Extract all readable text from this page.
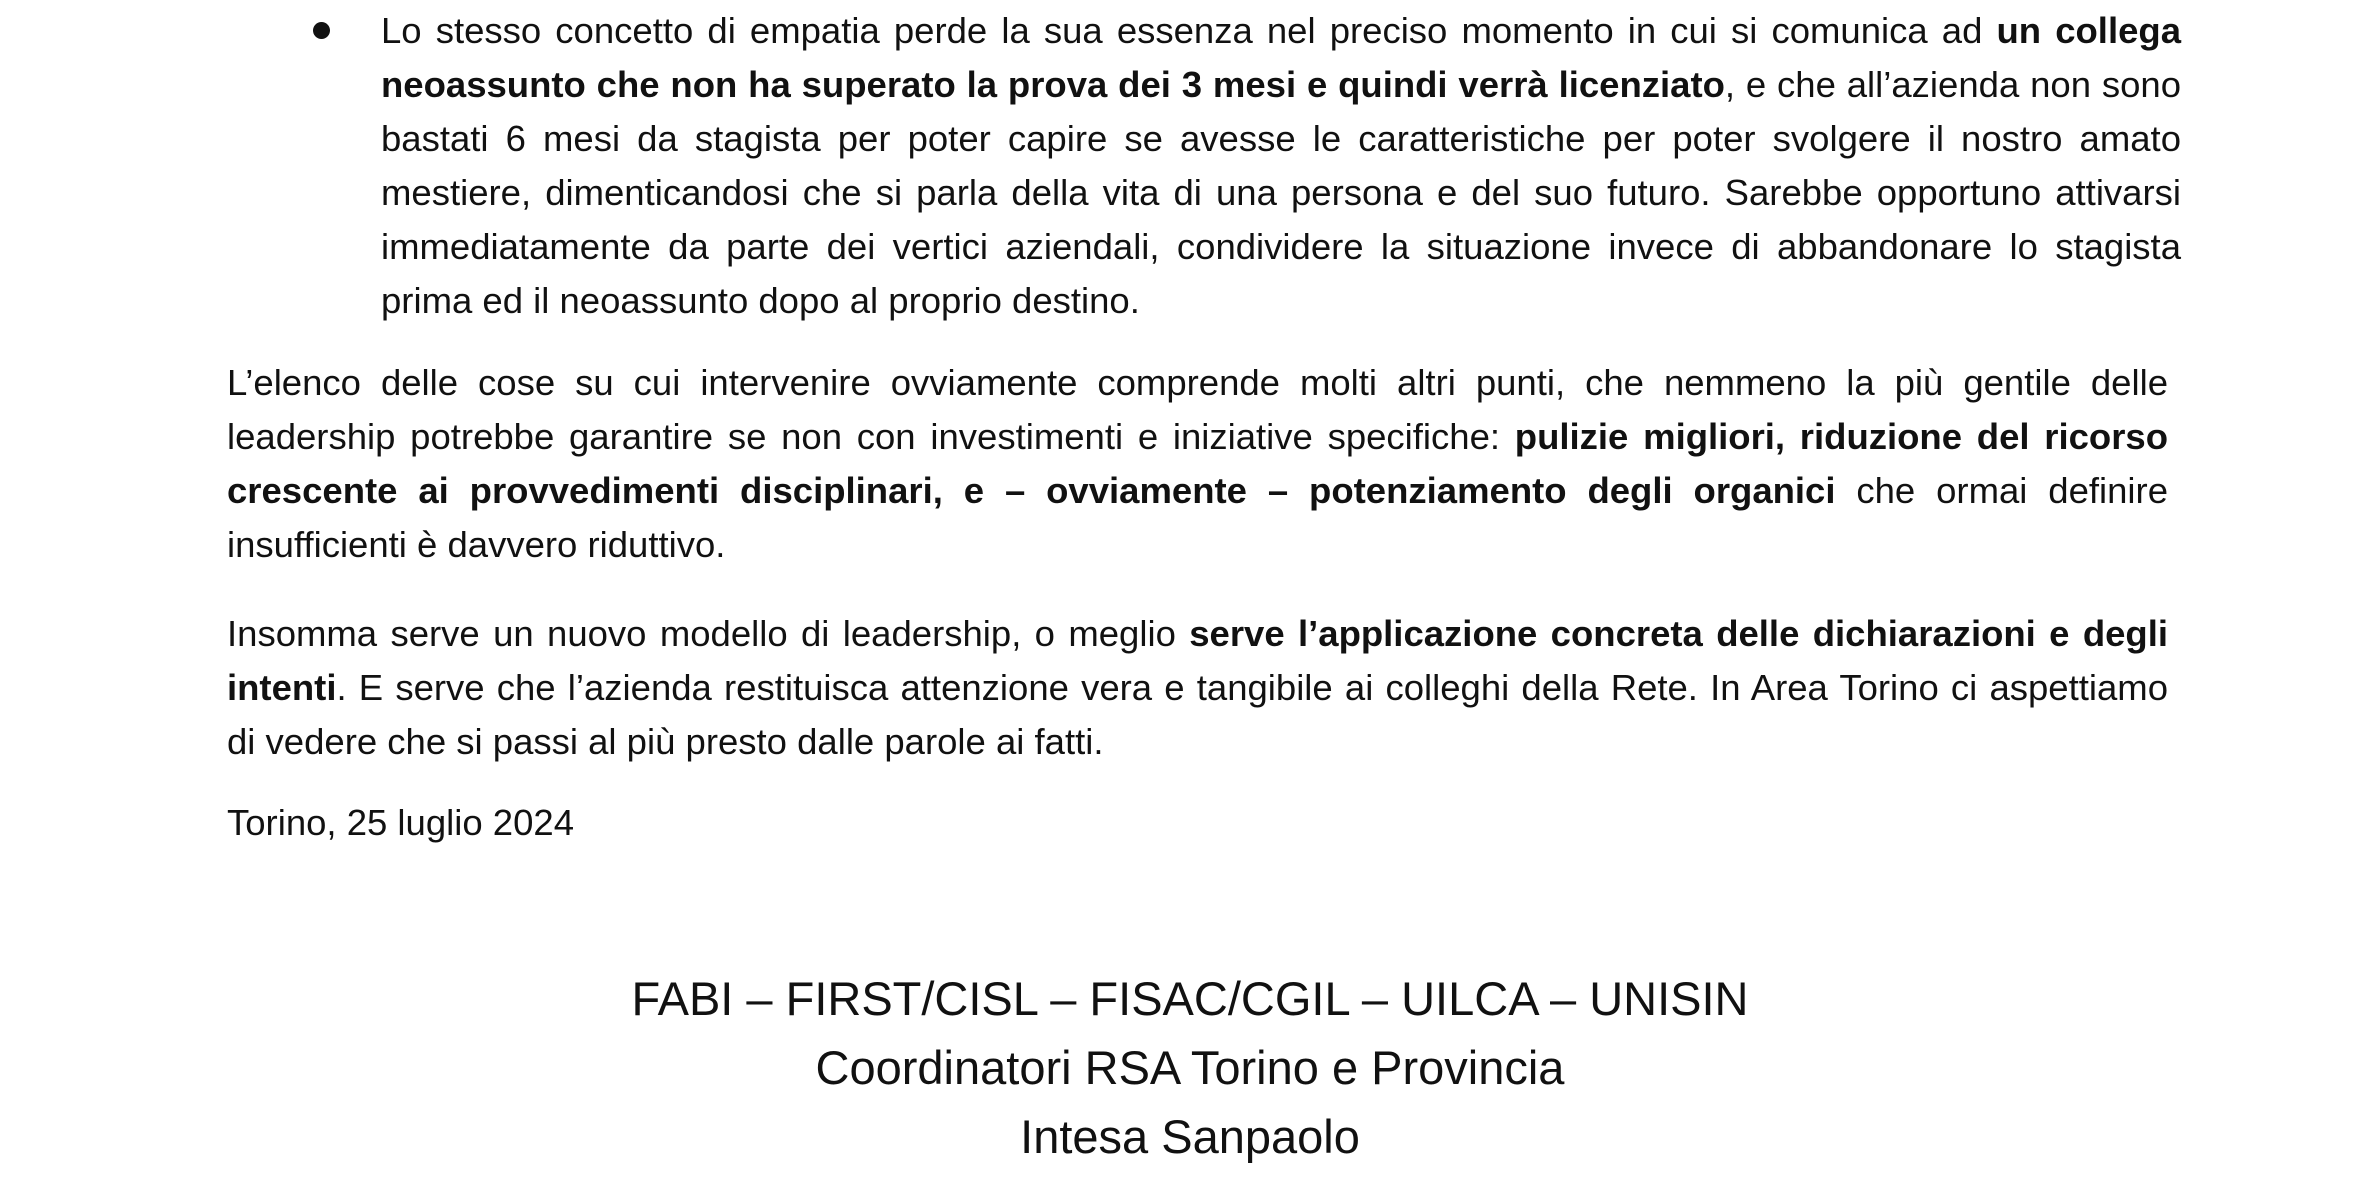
Lo stesso concetto di empatia perde la sua essenza nel preciso momento in cui si comunica ad un collega neoassunto che non ha superato la prova dei 3 mesi e quindi verrà licenziato, e che all’azienda non sono bastati 6 mesi da stagista per poter capire se avesse le caratteristiche per poter svolgere il nostro amato mestiere, dimenticandosi che si parla della vita di una persona e del suo futuro. Sarebbe opportuno attivarsi immediatamente da parte dei vertici aziendali, condividere la situazione invece di abbandonare lo stagista prima ed il neoassunto dopo al proprio destino.

L’elenco delle cose su cui intervenire ovviamente comprende molti altri punti, che nemmeno la più gentile delle leadership potrebbe garantire se non con investimenti e iniziative specifiche: pulizie migliori, riduzione del ricorso crescente ai provvedimenti disciplinari, e – ovviamente – potenziamento degli organici che ormai definire insufficienti è davvero riduttivo.

Insomma serve un nuovo modello di leadership, o meglio serve l’applicazione concreta delle dichiarazioni e degli intenti. E serve che l’azienda restituisca attenzione vera e tangibile ai colleghi della Rete. In Area Torino ci aspettiamo di vedere che si passi al più presto dalle parole ai fatti.

Torino, 25 luglio 2024
FABI – FIRST/CISL – FISAC/CGIL – UILCA – UNISIN
Coordinatori RSA Torino e Provincia
Intesa Sanpaolo
